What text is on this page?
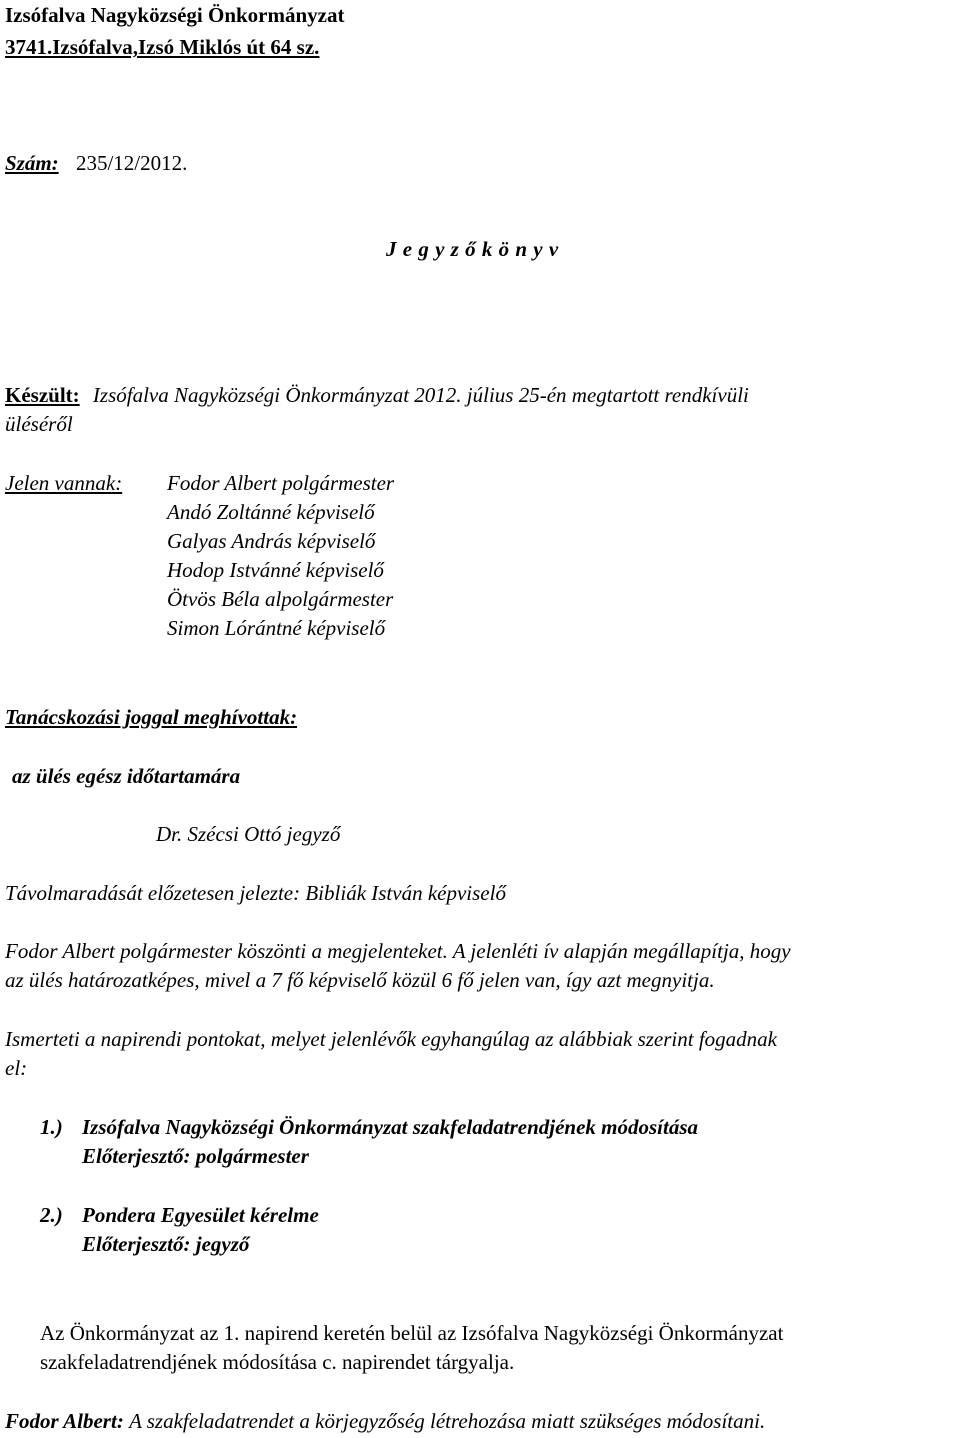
Izsófalva Nagyközségi Önkormányzat
3741.Izsófalva,Izsó Miklós út 64 sz.
Szám: 235/12/2012.
J e g y z ő k ö n y v
Készült: Izsófalva Nagyközségi Önkormányzat 2012. július 25-én megtartott rendkívüli
üléséről
Jelen vannak: Fodor Albert polgármester
Andó Zoltánné képviselő
Galyas András képviselő
Hodop Istvánné képviselő
Ötvös Béla alpolgármester
Simon Lórántné képviselő
Tanácskozási joggal meghívottak:
az ülés egész időtartamára
Dr. Szécsi Ottó jegyző
Távolmaradását előzetesen jelezte: Bibliák István képviselő
Fodor Albert polgármester köszönti a megjelenteket. A jelenléti ív alapján megállapítja, hogy
az ülés határozatképes, mivel a 7 fő képviselő közül 6 fő jelen van, így azt megnyitja.
Ismerteti a napirendi pontokat, melyet jelenlévők egyhangúlag az alábbiak szerint fogadnak
el:
1.) Izsófalva Nagyközségi Önkormányzat szakfeladatrendjének módosítása
Előterjesztő: polgármester
2.) Pondera Egyesület kérelme
Előterjesztő: jegyző
Az Önkormányzat az 1. napirend keretén belül az Izsófalva Nagyközségi Önkormányzat
szakfeladatrendjének módosítása c. napirendet tárgyalja.
Fodor Albert: A szakfeladatrendet a körjegyzőség létrehozása miatt szükséges módosítani.
